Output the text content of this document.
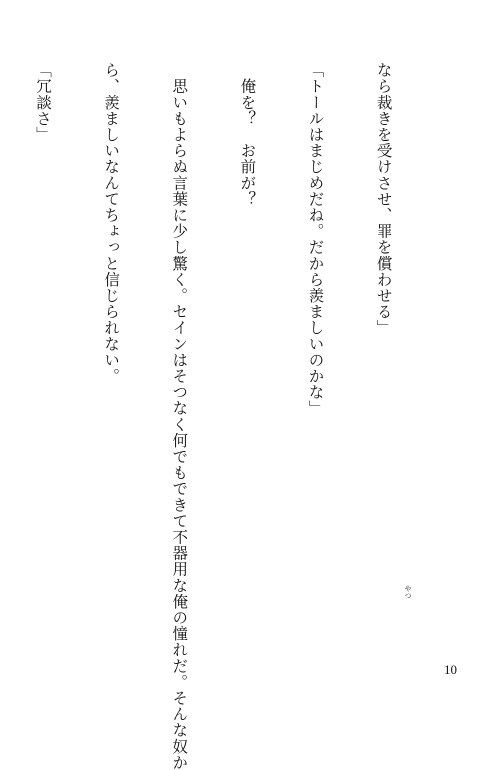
なら裁きを受けさせ、罪を償わせる」

「トールはまじめだね。だから羨ましいのかな」

　俺を？　お前が？

　思いもよらぬ言葉に少し驚く。セインはそつなく何でもできて不器用な俺の憧れだ。そんな奴か

ら、羨ましいなんてちょっと信じられない。

「冗談さ」

やつ
10
